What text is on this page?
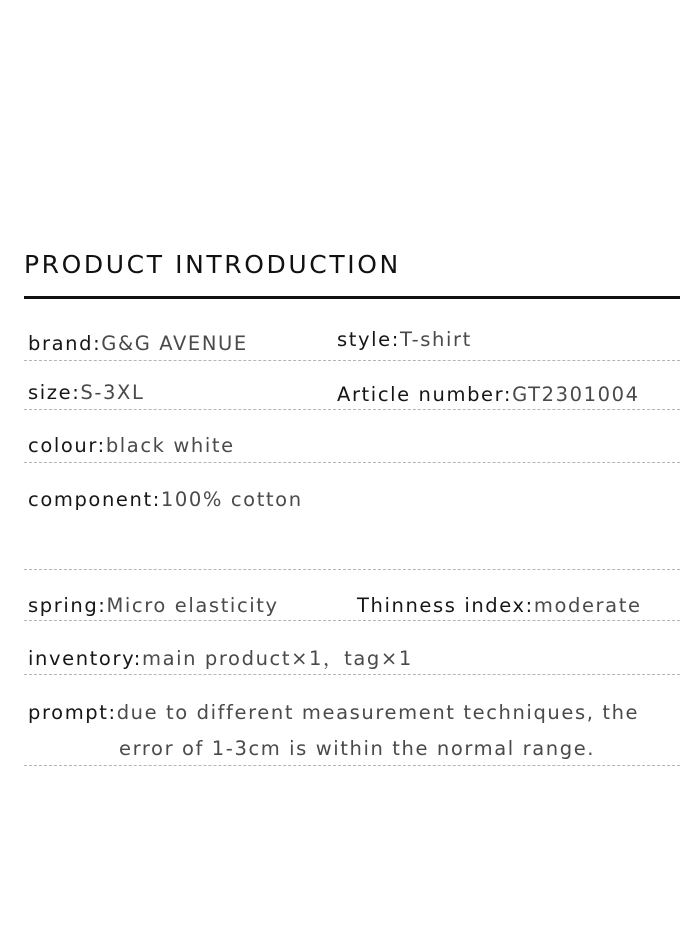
PRODUCT INTRODUCTION
brand:G&G AVENUE	style:T-shirt
size:S-3XL	Article number:GT2301004
colour:black white
component:100% cotton
spring:Micro elasticity	Thinness index:moderate
inventory:main product×1，tag×1
prompt:due to different measurement techniques, the
error of 1-3cm is within the normal range.
